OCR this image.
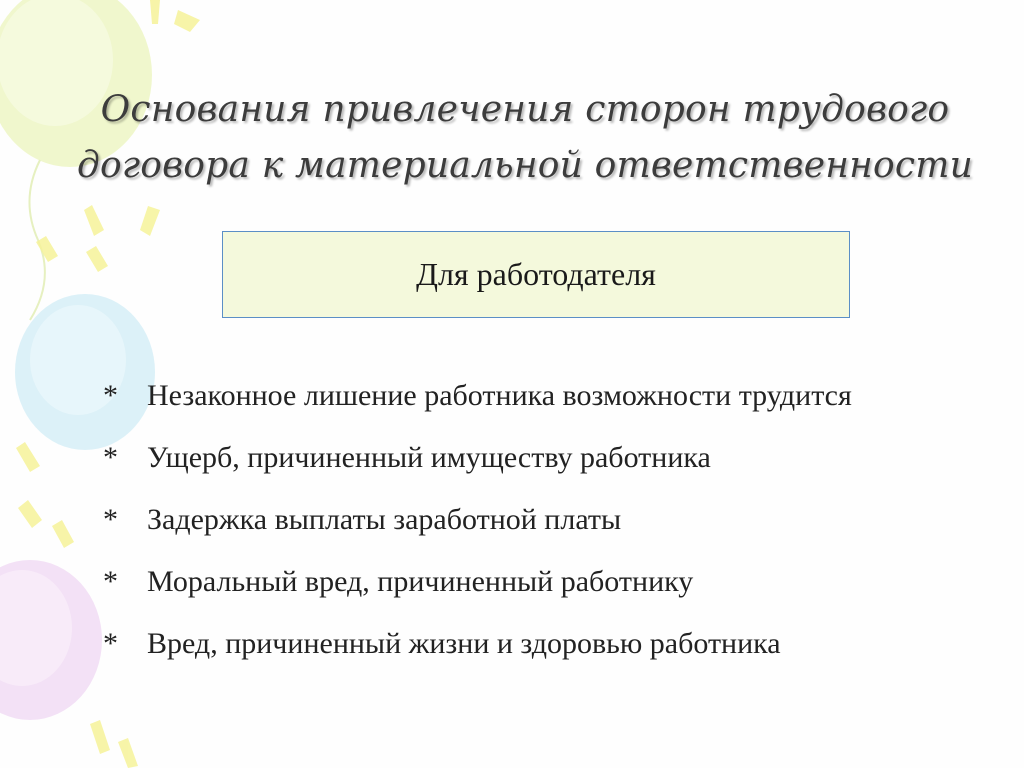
Основания привлечения сторон трудового
договора к материальной ответственности
Для работодателя
* Незаконное лишение работника возможности трудится
* Ущерб, причиненный имуществу работника
* Задержка выплаты заработной платы
* Моральный вред, причиненный работнику
* Вред, причиненный жизни и здоровью работника
